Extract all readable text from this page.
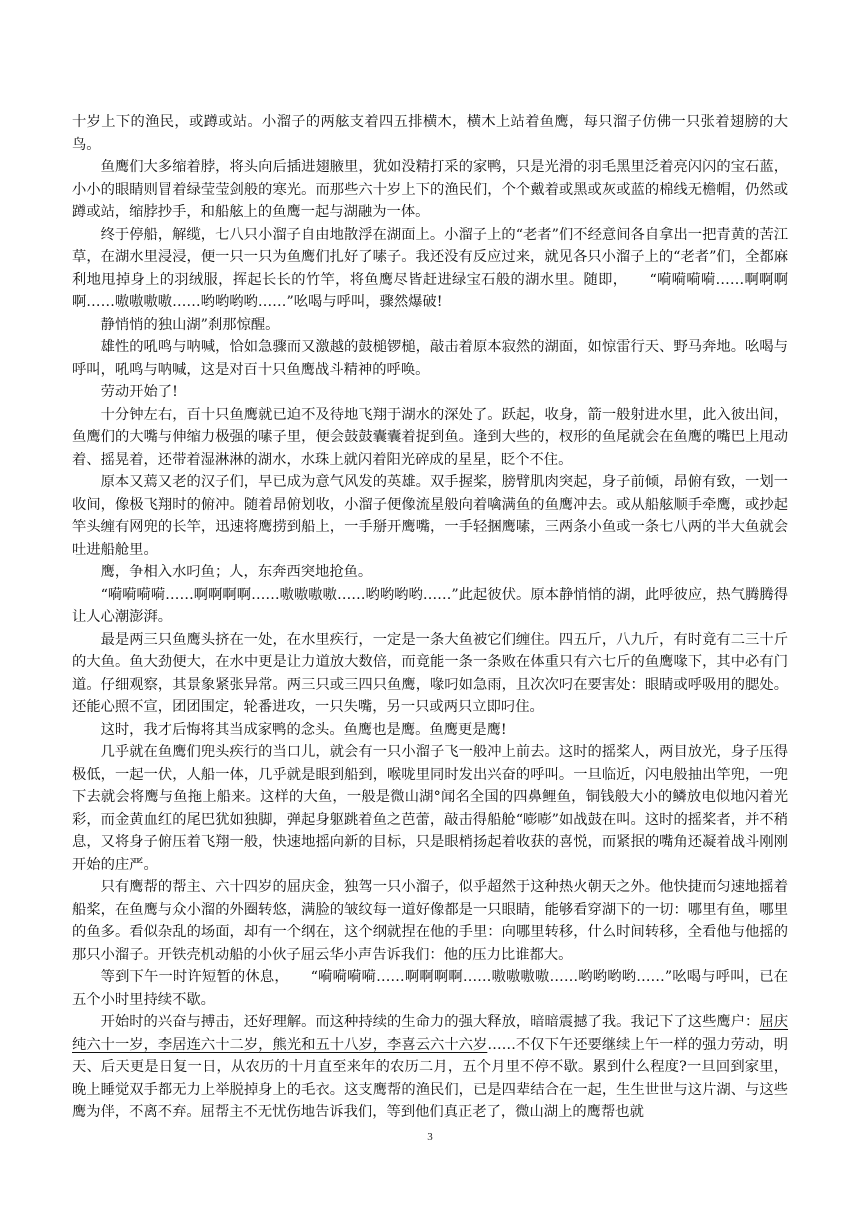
十岁上下的渔民，或蹲或站。小溜子的两舷支着四五排横木，横木上站着鱼鹰，每只溜子仿佛一只张着翅膀的大鸟。

鱼鹰们大多缩着脖，将头向后插进翅腋里，犹如没精打采的家鸭，只是光滑的羽毛黑里泛着亮闪闪的宝石蓝，小小的眼睛则冒着绿莹莹剑般的寒光。而那些六十岁上下的渔民们，个个戴着或黑或灰或蓝的棉线无檐帽，仍然或蹲或站，缩脖抄手，和船舷上的鱼鹰一起与湖融为一体。

终于停船，解缆，七八只小溜子自由地散浮在湖面上。小溜子上的“老者”们不经意间各自拿出一把青黄的苦江草，在湖水里浸浸，便一只一只为鱼鹰们扎好了嗉子。我还没有反应过来，就见各只小溜子上的“老者”们，全都麻利地甩掉身上的羽绒服，挥起长长的竹竿，将鱼鹰尽皆赶进绿宝石般的湖水里。随即，　　“嗬嗬嗬嗬……啊啊啊啊……嗷嗷嗷嗷……哟哟哟哟……”吆喝与呼叫，骤然爆破!

静悄悄的独山湖”刹那惊醒。

雄性的吼鸣与呐喊，恰如急骤而又激越的鼓槌锣槌，敲击着原本寂然的湖面，如惊雷行天、野马奔地。吆喝与呼叫，吼鸣与呐喊，这是对百十只鱼鹰战斗精神的呼唤。

劳动开始了!

十分钟左右，百十只鱼鹰就已迫不及待地飞翔于湖水的深处了。跃起，收身，箭一般射进水里，此入彼出间，鱼鹰们的大嘴与伸缩力极强的嗉子里，便会鼓鼓囊囊着捉到鱼。逢到大些的，杈形的鱼尾就会在鱼鹰的嘴巴上甩动着、摇晃着，还带着湿淋淋的湖水，水珠上就闪着阳光碎成的星星，眨个不住。

原本又蔫又老的汉子们，早已成为意气风发的英雄。双手握桨，膀臂肌肉突起，身子前倾，昂俯有致，一划一收间，像极飞翔时的俯冲。随着昂俯划收，小溜子便像流星般向着噙满鱼的鱼鹰冲去。或从船舷顺手牵鹰，或抄起竿头缠有网兜的长竿，迅速将鹰捞到船上，一手掰开鹰嘴，一手轻捆鹰嗉，三两条小鱼或一条七八两的半大鱼就会吐进船舱里。

鹰，争相入水叼鱼；人，东奔西突地抢鱼。

“嗬嗬嗬嗬……啊啊啊啊……嗷嗷嗷嗷……哟哟哟哟……”此起彼伏。原本静悄悄的湖，此呼彼应，热气腾腾得让人心潮澎湃。

最是两三只鱼鹰头挤在一处，在水里疾行，一定是一条大鱼被它们缠住。四五斤，八九斤，有时竟有二三十斤的大鱼。鱼大劲便大，在水中更是让力道放大数倍，而竟能一条一条败在体重只有六七斤的鱼鹰喙下，其中必有门道。仔细观察，其景象紧张异常。两三只或三四只鱼鹰，喙叼如急雨，且次次叼在要害处：眼睛或呼吸用的腮处。还能心照不宣，团团围定，轮番进攻，一只失嘴，另一只或两只立即叼住。

这时，我才后悔将其当成家鸭的念头。鱼鹰也是鹰。鱼鹰更是鹰!

几乎就在鱼鹰们兜头疾行的当口儿，就会有一只小溜子飞一般冲上前去。这时的摇桨人，两目放光，身子压得极低，一起一伏，人船一体，几乎就是眼到船到，喉咙里同时发出兴奋的呼叫。一旦临近，闪电般抽出竿兜，一兜下去就会将鹰与鱼拖上船来。这样的大鱼，一般是微山湖°闻名全国的四鼻鲤鱼，铜钱般大小的鳞放电似地闪着光彩，而金黄血红的尾巴犹如独脚，弹起身躯跳着鱼之芭蕾，敲击得船舱“嘭嘭”如战鼓在叫。这时的摇桨者，并不稍息，又将身子俯压着飞翔一般，快速地摇向新的目标，只是眼梢扬起着收获的喜悦，而紧抿的嘴角还凝着战斗刚刚开始的庄严。

只有鹰帮的帮主、六十四岁的屈庆金，独驾一只小溜子，似乎超然于这种热火朝天之外。他快捷而匀速地摇着船桨，在鱼鹰与众小溜的外圈转悠，满脸的皱纹每一道好像都是一只眼睛，能够看穿湖下的一切：哪里有鱼，哪里的鱼多。看似杂乱的场面，却有一个纲在，这个纲就捏在他的手里：向哪里转移，什么时间转移，全看他与他摇的那只小溜子。开铁壳机动船的小伙子屈云华小声告诉我们：他的压力比谁都大。

等到下午一时许短暂的休息，　　“嗬嗬嗬嗬……啊啊啊啊……嗷嗷嗷嗷……哟哟哟哟……”吆喝与呼叫，已在五个小时里持续不歇。

开始时的兴奋与搏击，还好理解。而这种持续的生命力的强大释放，暗暗震撼了我。我记下了这些鹰户：屈庆纯六十一岁，李居连六十二岁，熊光和五十八岁，李喜云六十六岁……不仅下午还要继续上午一样的强力劳动，明天、后天更是日复一日，从农历的十月直至来年的农历二月，五个月里不停不歇。累到什么程度?一旦回到家里，晚上睡觉双手都无力上举脱掉身上的毛衣。这支鹰帮的渔民们，已是四辈结合在一起，生生世世与这片湖、与这些鹰为伴，不离不弃。屈帮主不无忧伤地告诉我们，等到他们真正老了，微山湖上的鹰帮也就

3
